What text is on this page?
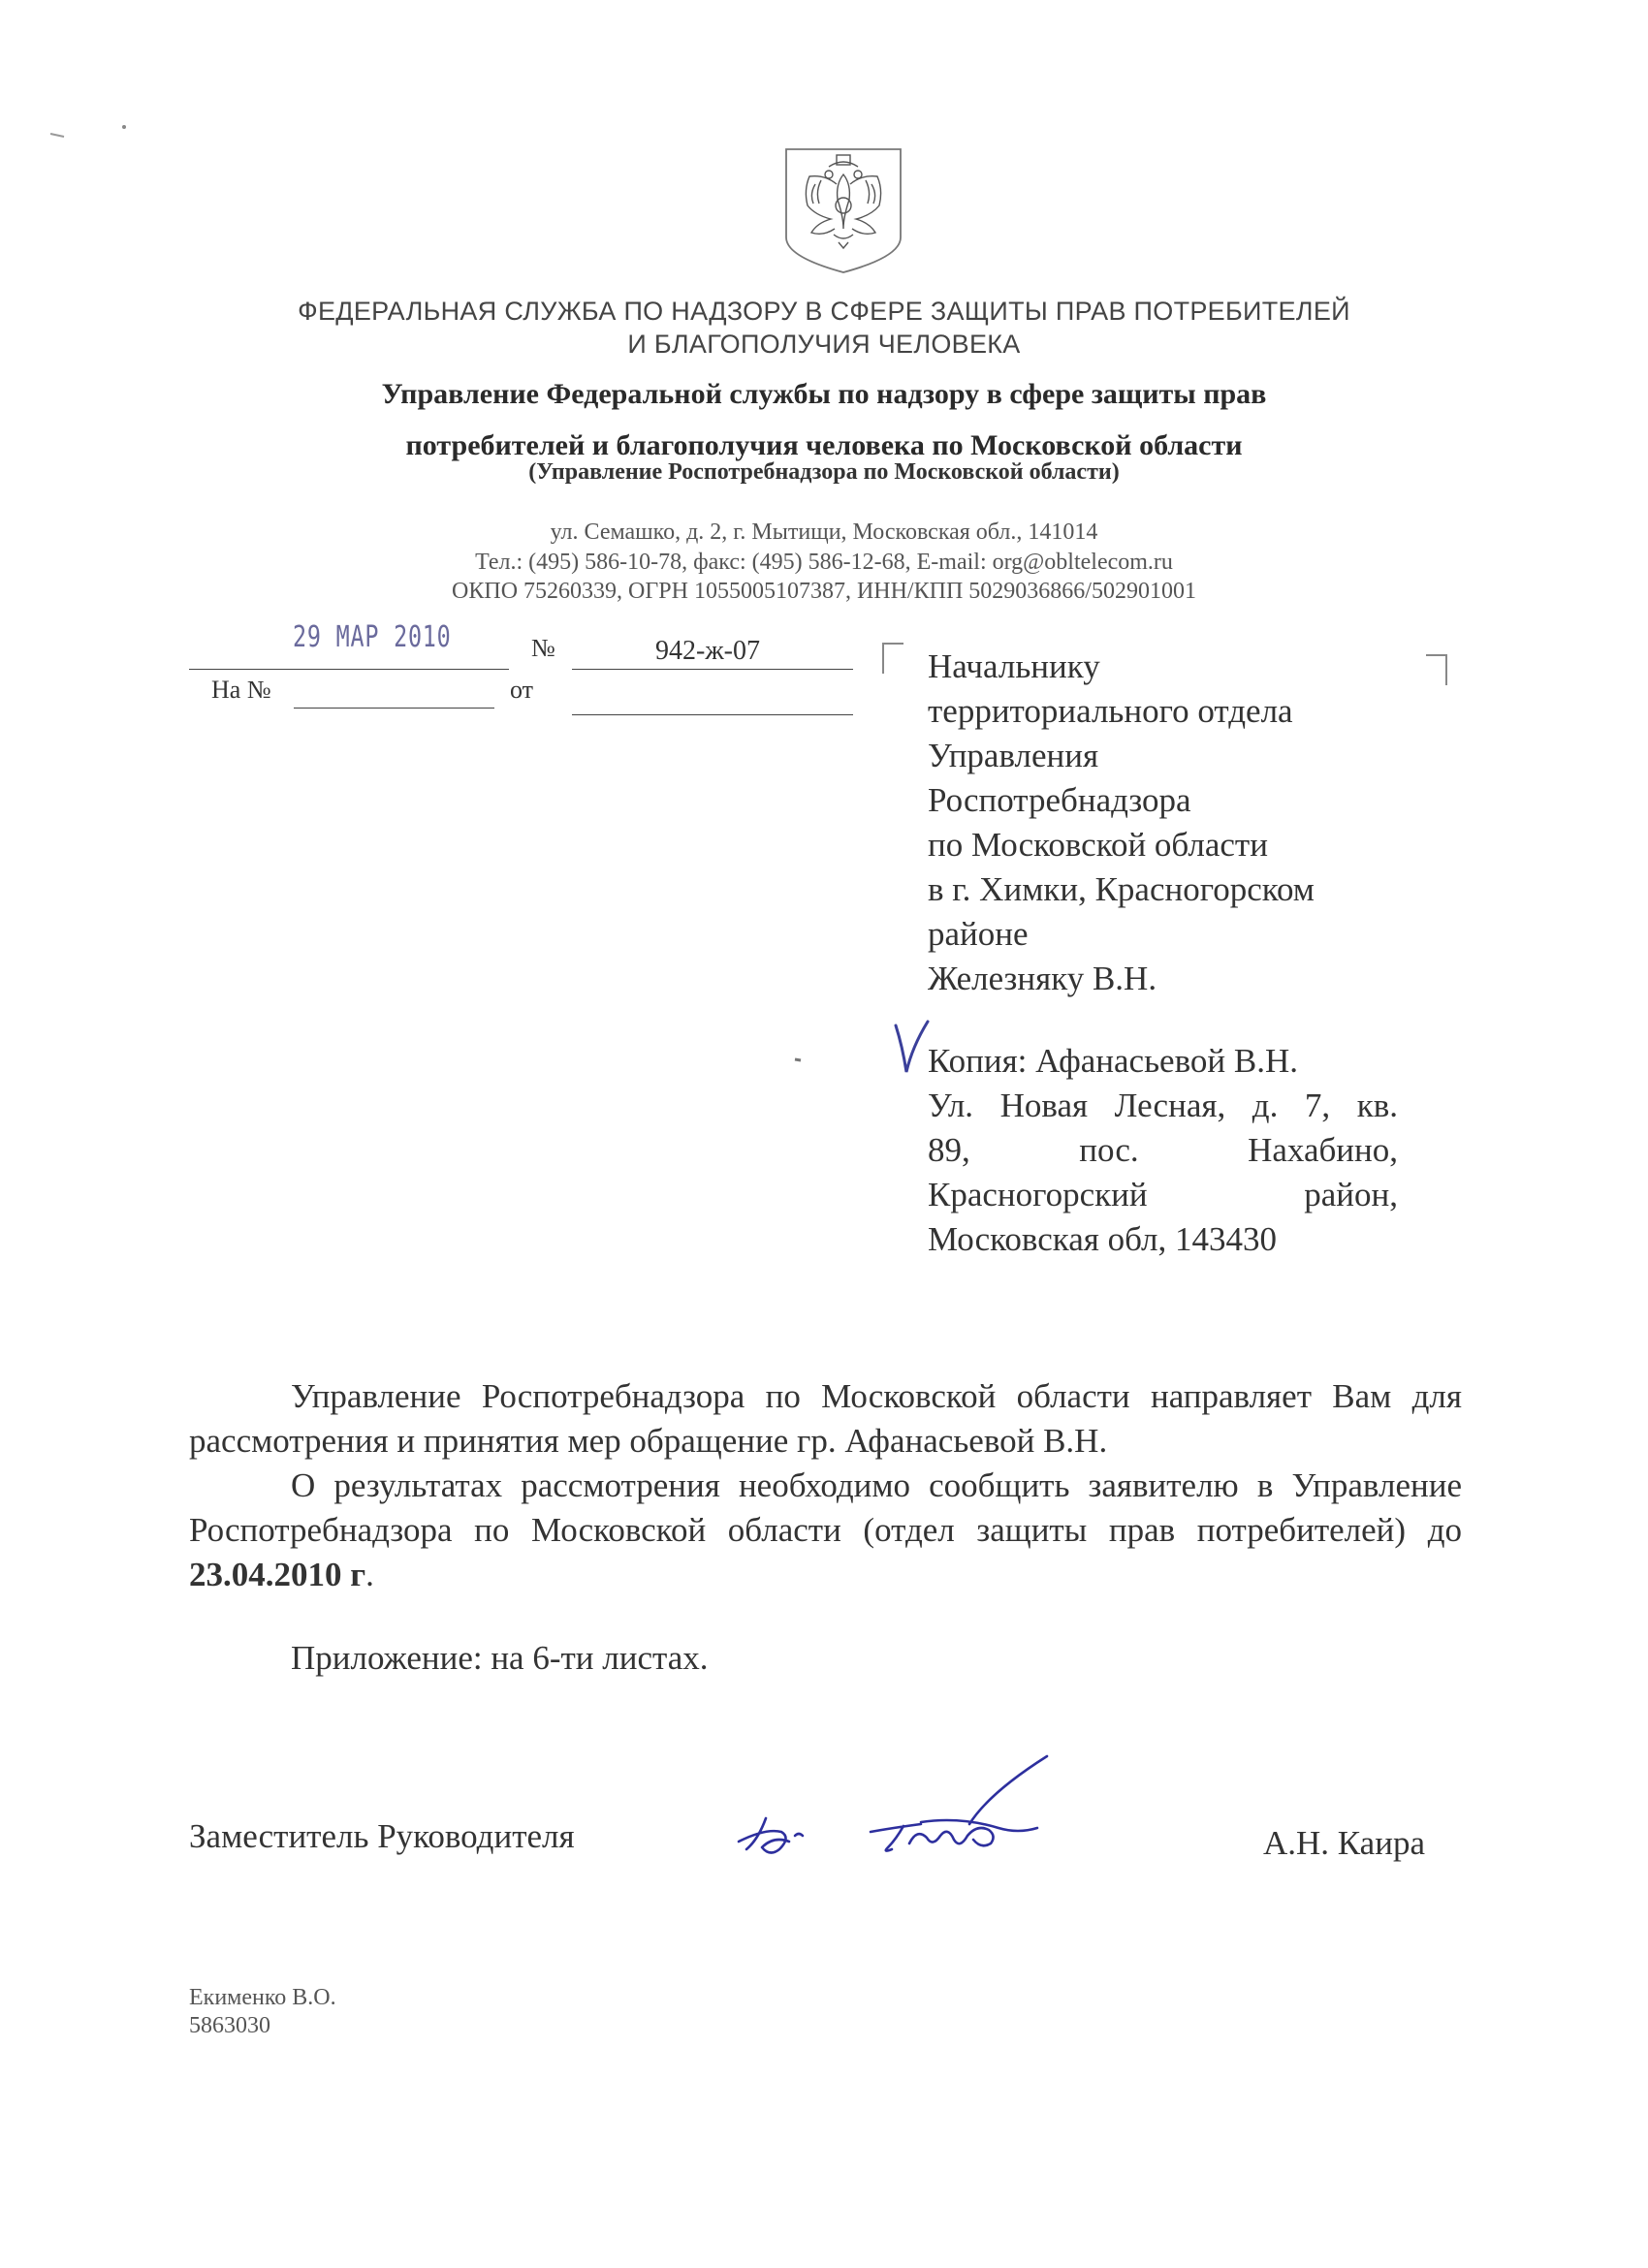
ФЕДЕРАЛЬНАЯ СЛУЖБА ПО НАДЗОРУ В СФЕРЕ ЗАЩИТЫ ПРАВ ПОТРЕБИТЕЛЕЙ
И БЛАГОПОЛУЧИЯ ЧЕЛОВЕКА
Управление Федеральной службы по надзору в сфере защиты прав
потребителей и благополучия человека по Московской области
(Управление Роспотребнадзора по Московской области)
ул. Семашко, д. 2, г. Мытищи, Московская обл., 141014
Тел.: (495) 586-10-78, факс: (495) 586-12-68, E-mail: org@obltelecom.ru
ОКПО 75260339, ОГРН 1055005107387, ИНН/КПП 5029036866/502901001
29 МАР 2010	№	942-ж-07
На №	от
Начальнику
территориального отдела
Управления
Роспотребнадзора
по Московской области
в г. Химки, Красногорском
районе
Железняку В.Н.
Копия: Афанасьевой В.Н.
Ул. Новая Лесная, д. 7, кв.
89, пос. Нахабино,
Красногорский район,
Московская обл, 143430

Управление Роспотребнадзора по Московской области направляет Вам для рассмотрения и принятия мер обращение гр. Афанасьевой В.Н.

О результатах рассмотрения необходимо сообщить заявителю в Управление Роспотребнадзора по Московской области (отдел защиты прав потребителей) до 23.04.2010 г.

Приложение: на 6-ти листах.
Заместитель Руководителя	А.Н. Каира
Екименко В.О.
5863030
